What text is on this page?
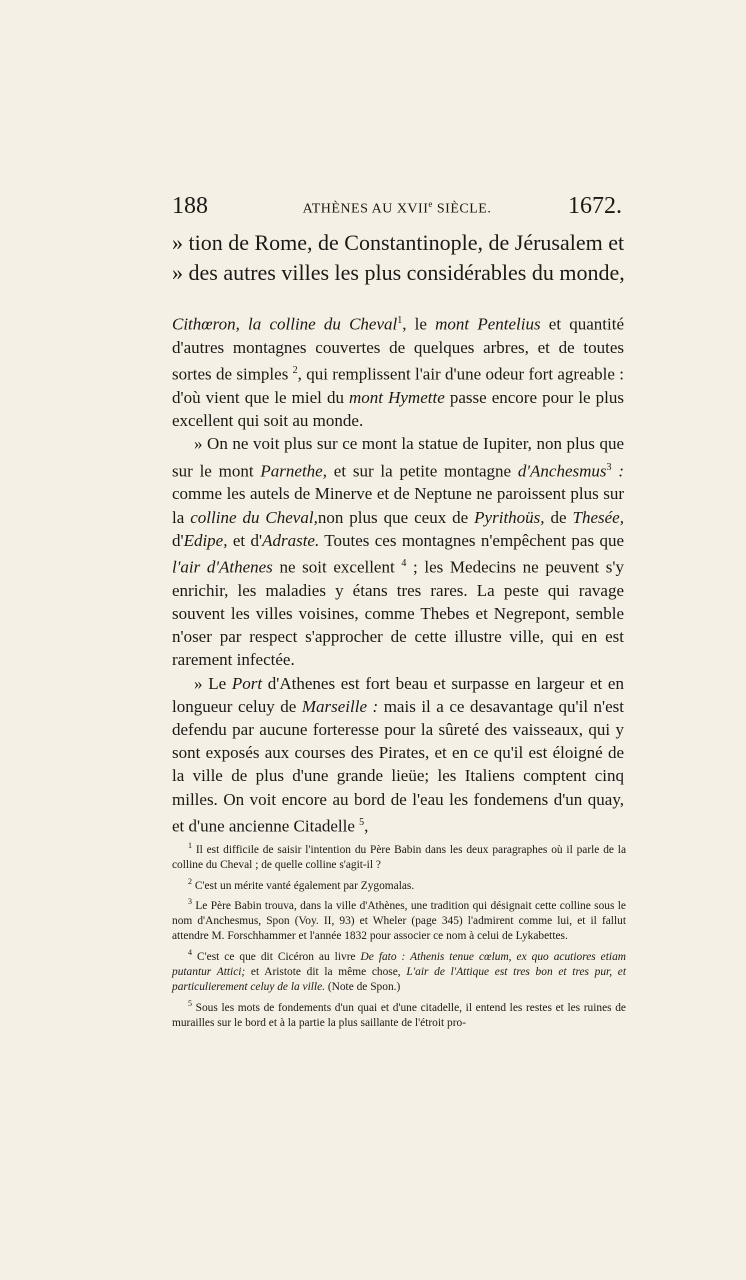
188	ATHÈNES AU XVIIe SIÈCLE.	1672.
» tion de Rome, de Constantinople, de Jérusalem et
» des autres villes les plus considérables du monde,

Cithœron, la colline du Cheval$^1$, le mont Pentelius et quantité d'autres montagnes couvertes de quelques arbres, et de toutes sortes de simples $^2$, qui remplissent l'air d'une odeur fort agreable : d'où vient que le miel du mont Hymette passe encore pour le plus excellent qui soit au monde.

» On ne voit plus sur ce mont la statue de Iupiter, non plus que sur le mont Parnethe, et sur la petite montagne d'Anchesmus$^3$ : comme les autels de Minerve et de Neptune ne paroissent plus sur la colline du Cheval,non plus que ceux de Pyrithoüs, de Thesée, d'Edipe, et d'Adraste. Toutes ces montagnes n'empêchent pas que l'air d'Athenes ne soit excellent $^4$ ; les Medecins ne peuvent s'y enrichir, les maladies y étans tres rares. La peste qui ravage souvent les villes voisines, comme Thebes et Negrepont, semble n'oser par respect s'approcher de cette illustre ville, qui en est rarement infectée.

» Le Port d'Athenes est fort beau et surpasse en largeur et en longueur celuy de Marseille : mais il a ce desavantage qu'il n'est defendu par aucune forteresse pour la sûreté des vaisseaux, qui y sont exposés aux courses des Pirates, et en ce qu'il est éloigné de la ville de plus d'une grande lieüe; les Italiens comptent cinq milles. On voit encore au bord de l'eau les fondemens d'un quay, et d'une ancienne Citadelle $^5$,

$^1$ Il est difficile de saisir l'intention du Père Babin dans les deux paragraphes où il parle de la colline du Cheval ; de quelle colline s'agit-il ?

$^2$ C'est un mérite vanté également par Zygomalas.

$^3$ Le Père Babin trouva, dans la ville d'Athènes, une tradition qui désignait cette colline sous le nom d'Anchesmus, Spon (Voy. II, 93) et Wheler (page 345) l'admirent comme lui, et il fallut attendre M. Forschhammer et l'année 1832 pour associer ce nom à celui de Lykabettes.

$^4$ C'est ce que dit Cicéron au livre De fato : Athenis tenue cœlum, ex quo acutiores etiam putantur Attici; et Aristote dit la même chose, L'air de l'Attique est tres bon et tres pur, et particulierement celuy de la ville. (Note de Spon.)

$^5$ Sous les mots de fondements d'un quai et d'une citadelle, il entend les restes et les ruines de murailles sur le bord et à la partie la plus saillante de l'étroit pro-
